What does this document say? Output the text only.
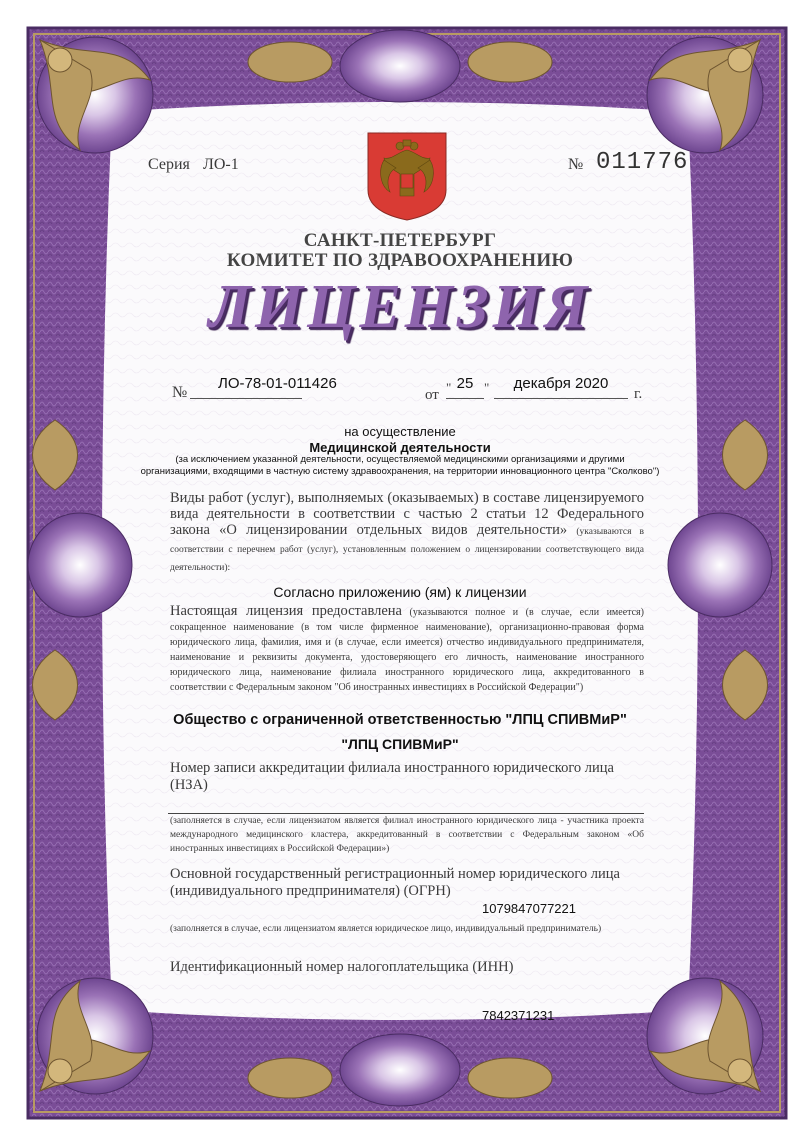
Серия ЛО-1	№ 011776
САНКТ-ПЕТЕРБУРГ
КОМИТЕТ ПО ЗДРАВООХРАНЕНИЮ
ЛИЦЕНЗИЯ
№
ЛО-78-01-011426
от " 25 "	декабря 2020
г.
на осуществление
Медицинской деятельности
(за исключением указанной деятельности, осуществляемой медицинскими организациями и другими организациями, входящими в частную систему здравоохранения, на территории инновационного центра "Сколково")
Виды работ (услуг), выполняемых (оказываемых) в составе лицензируемого вида деятельности в соответствии с частью 2 статьи 12 Федерального закона «О лицензировании отдельных видов деятельности» (указываются в соответствии с перечнем работ (услуг), установленным положением о лицензировании соответствующего вида деятельности):
Согласно приложению (ям) к лицензии
Настоящая лицензия предоставлена (указываются полное и (в случае, если имеется) сокращенное наименование (в том числе фирменное наименование), организационно-правовая форма юридического лица, фамилия, имя и (в случае, если имеется) отчество индивидуального предпринимателя, наименование и реквизиты документа, удостоверяющего его личность, наименование иностранного юридического лица, наименование филиала иностранного юридического лица, аккредитованного в соответствии с Федеральным законом "Об иностранных инвестициях в Российской Федерации")
Общество с ограниченной ответственностью "ЛПЦ СПИВМиР"
"ЛПЦ СПИВМиР"
Номер записи аккредитации филиала иностранного юридического лица (НЗА)
(заполняется в случае, если лицензиатом является филиал иностранного юридического лица - участника проекта международного медицинского кластера, аккредитованный в соответствии с Федеральным законом «Об иностранных инвестициях в Российской Федерации»)
Основной государственный регистрационный номер юридического лица (индивидуального предпринимателя) (ОГРН)
1079847077221
(заполняется в случае, если лицензиатом является юридическое лицо, индивидуальный предприниматель)
Идентификационный номер налогоплательщика (ИНН)
7842371231
